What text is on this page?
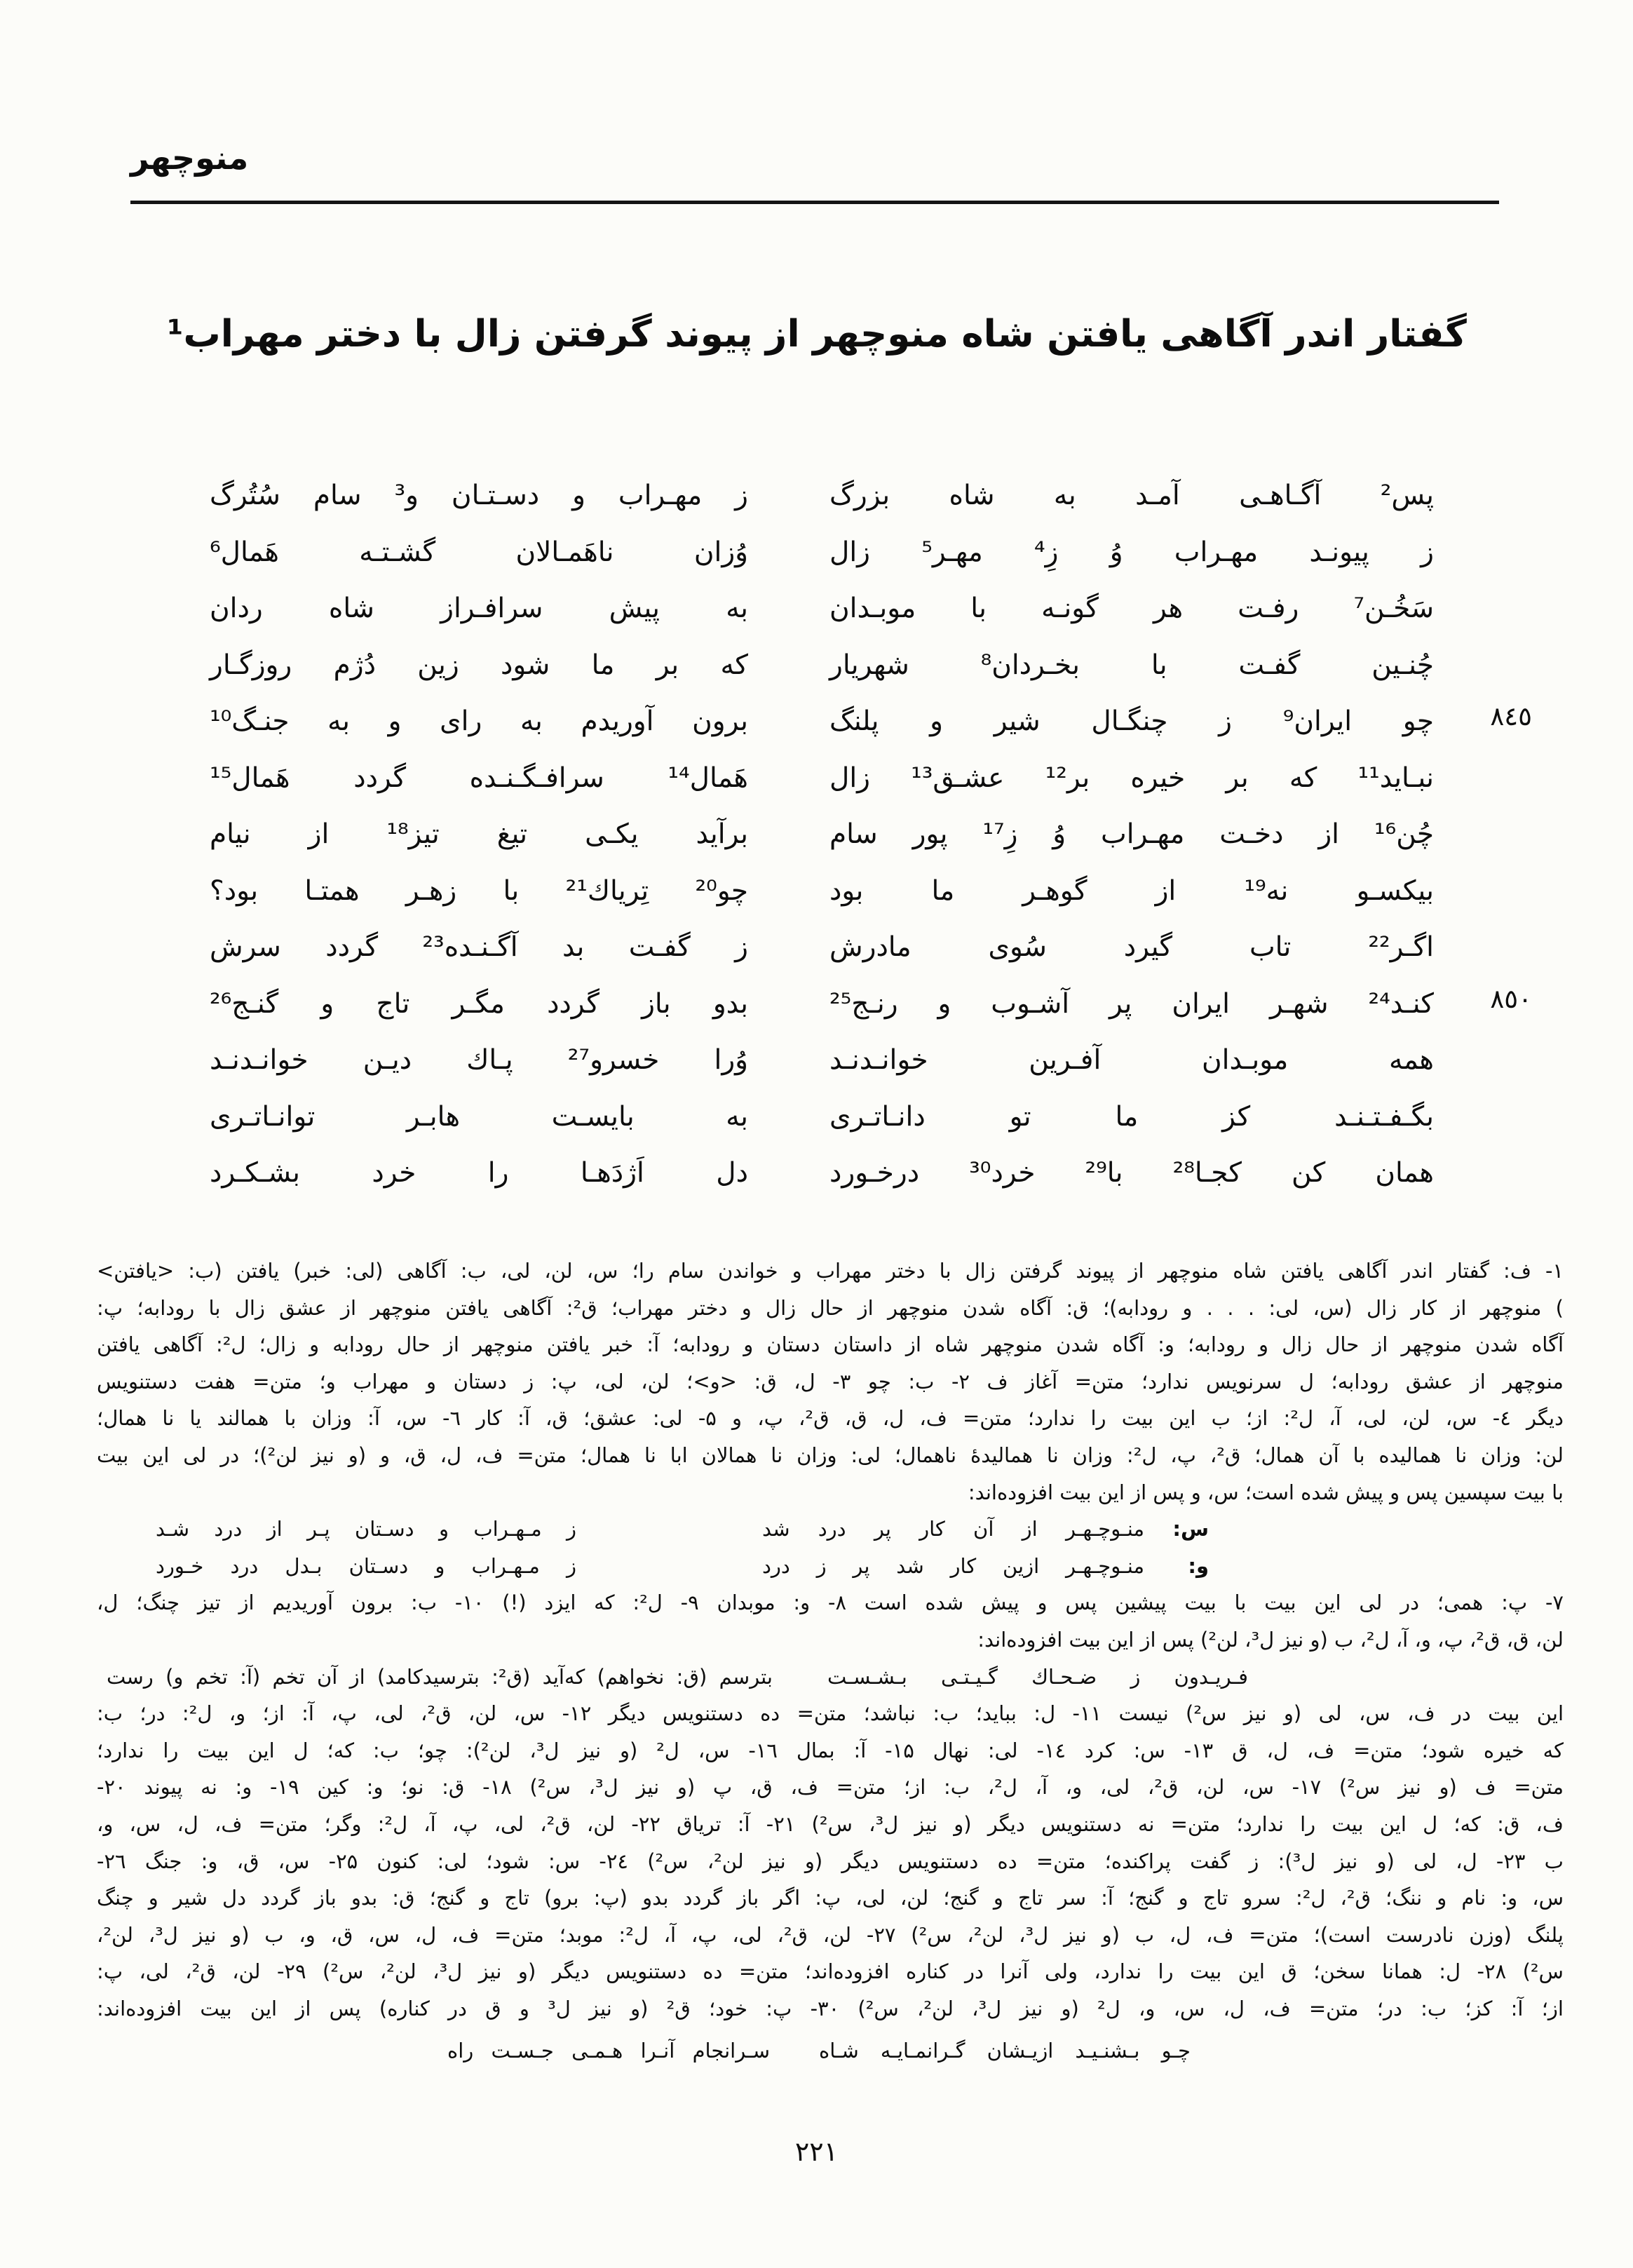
منوچهر
گفتار اندر آگاهی یافتن شاه منوچهر از پیوند گرفتن زال با دختر مهراب¹
پس² آگـاهـی آمـد به شاه بزرگ
ز مهـراب و دسـتـان و³ سام سُتُرگ
ز پیونـد مهـراب وُ زِ⁴ مهـر⁵ زال
وُزان ناهَمـالان گشـتـه هَمال⁶
سَخُـن⁷ رفـت هر گونـه با موبـدان
به پیش سرافـراز شاه ردان
چُنـین گفـت با بخـردان⁸ شهریار
که بر ما شود زین دُژم روزگـار
چو ایران⁹ ز چنگـال شیر و پلنگ
برون آوریدم به رای و به جنـگ¹⁰
نبـاید¹¹ که بر خیره بر¹² عشـق¹³ زال
هَمال¹⁴ سرافـگـنـده گردد هَمال¹⁵
چُن¹⁶ از دخـت مهـراب وُ زِ¹⁷ پور سام
برآید یکـی تیغ تیز¹⁸ از نیام
بیکسـو نه¹⁹ از گوهـر ما بود
چو²⁰ تِریاك²¹ با زهـر همتـا بود؟
اگـر²² تاب گیرد سُوی مادرش
ز گفـت بد آگـنـده²³ گردد سرش
کنـد²⁴ شهـر ایران پر آشـوب و رنـج²⁵
بدو باز گردد مگـر تاج و گنـج²⁶
همه موبـدان آفـرین خوانـدنـد
وُرا خسرو²⁷ پـاك دیـن خوانـدنـد
بگـفـتـنـد کز ما تو دانـاتـری
به بایسـت هابـر توانـاتـری
همان کن کجـا²⁸ با²⁹ خرد³⁰ درخـورد
دل اَژدَهـا را خرد بشـکـرد
٨٤٥
٨٥٠
۱- ف: گفتار اندر آگاهی یافتن شاه منوچهر از پیوند گرفتن زال با دختر مهراب و خواندن سام را؛ س، لن، لی، ب: آگاهی (لی: خبر) یافتن (ب: <یافتن>
) منوچهر از کار زال (س، لی: . . . و رودابه)؛ ق: آگاه شدن منوچهر از حال زال و دختر مهراب؛ ق²: آگاهی یافتن منوچهر از عشق زال با رودابه؛ پ:
آگاه شدن منوچهر از حال زال و رودابه؛ و: آگاه شدن منوچهر شاه از داستان دستان و رودابه؛ آ: خبر یافتن منوچهر از حال رودابه و زال؛ ل²: آگاهی یافتن
منوچهر از عشق رودابه؛ ل سرنویس ندارد؛ متن= آغاز ف ۲- ب: چو ۳- ل، ق: <و>؛ لن، لی، پ: ز دستان و مهراب و؛ متن= هفت دستنویس
دیگر ٤- س، لن، لی، آ، ل²: از؛ ب این بیت را ندارد؛ متن= ف، ل، ق، ق²، پ، و ۵- لی: عشق؛ ق، آ: کار ٦- س، آ: وزان با همالند یا نا همال؛
لن: وزان نا همالیده با آن همال؛ ق²، پ، ل²: وزان نا همالیدهٔ ناهمال؛ لی: وزان نا همالان ابا نا همال؛ متن= ف، ل، ق، و (و نیز لن²)؛ در لی این بیت
با بیت سپسین پس و پیش شده است؛ س، و پس از این بیت افزوده‌اند:
س:
منـوچـهـر از آن کار پر درد شد
ز مـهـراب و دسـتان پـر از درد شـد
و:
منـوچـهـر ازین کار شد پر ز درد
ز مـهـراب و دسـتان بـدل درد خـورد
۷- پ: همی؛ در لی این بیت با بیت پیشین پس و پیش شده است ۸- و: موبدان ۹- ل²: که ایزد (!) ۱۰- ب: برون آوریدیم از تیز چنگ؛ ل،
لن، ق، ق²، پ، و، آ، ل²، ب (و نیز ل³، لن²) پس از این بیت افزوده‌اند:
فـریـدون ز ضـحـاك گـیـتـی بـشـسـت
بترسم (ق: نخواهم) که‌آید (ق²: بترسیدکامد) از آن تخم (آ: تخم و) رست
این بیت در ف، س، لی (و نیز س²) نیست ۱۱- ل: بباید؛ ب: نباشد؛ متن= ده دستنویس دیگر ۱۲- س، لن، ق²، لی، پ، آ: از؛ و، ل²: در؛ ب:
که خیره شود؛ متن= ف، ل، ق ۱۳- س: کرد ۱٤- لی: نهال ۱۵- آ: بمال ۱٦- س، ل² (و نیز ل³، لن²): چو؛ ب: که؛ ل این بیت را ندارد؛
متن= ف (و نیز س²) ۱۷- س، لن، ق²، لی، و، آ، ل²، ب: از؛ متن= ف، ق، پ (و نیز ل³، س²) ۱۸- ق: نو؛ و: کین ۱۹- و: نه پیوند ۲۰-
ف، ق: که؛ ل این بیت را ندارد؛ متن= نه دستنویس دیگر (و نیز ل³، س²) ۲۱- آ: تریاق ۲۲- لن، ق²، لی، پ، آ، ل²: وگر؛ متن= ف، ل، س، و،
ب ۲۳- ل، لی (و نیز ل³): ز گفت پراکنده؛ متن= ده دستنویس دیگر (و نیز لن²، س²) ۲٤- س: شود؛ لی: کنون ۲۵- س، ق، و: جنگ ۲٦-
س، و: نام و ننگ؛ ق²، ل²: سرو تاج و گنج؛ آ: سر تاج و گنج؛ لن، لی، پ: اگر باز گردد بدو (پ: برو) تاج و گنج؛ ق: بدو باز گردد دل شیر و چنگ
پلنگ (وزن نادرست است)؛ متن= ف، ل، ب (و نیز ل³، لن²، س²) ۲۷- لن، ق²، لی، پ، آ، ل²: موبد؛ متن= ف، ل، س، ق، و، ب (و نیز ل³، لن²،
س²) ۲۸- ل: همانا سخن؛ ق این بیت را ندارد، ولی آنرا در کناره افزوده‌اند؛ متن= ده دستنویس دیگر (و نیز ل³، لن²، س²) ۲۹- لن، ق²، لی، پ:
از؛ آ: کز؛ ب: در؛ متن= ف، ل، س، و، ل² (و نیز ل³، لن²، س²) ۳۰- پ: خود؛ ق² (و نیز ل³ و ق در کناره) پس از این بیت افزوده‌اند:
چـو بـشنـیـد ازیـشان گـرانمـایـه شـاه
سـرانجام آنـرا هـمـی جـسـت راه
٢٢١
